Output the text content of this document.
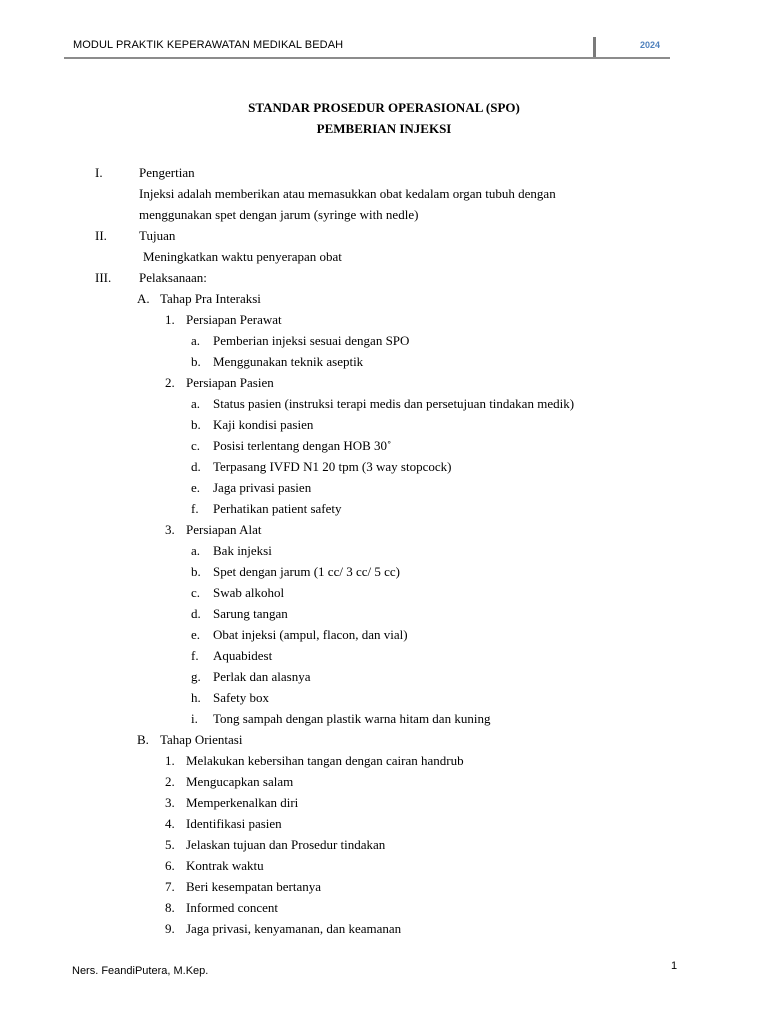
MODUL PRAKTIK KEPERAWATAN MEDIKAL BEDAH	2024
STANDAR PROSEDUR OPERASIONAL (SPO)
PEMBERIAN INJEKSI
I.	Pengertian
Injeksi adalah memberikan atau memasukkan obat kedalam organ tubuh dengan
menggunakan spet dengan jarum (syringe with nedle)
II. Tujuan
Meningkatkan waktu penyerapan obat
III. Pelaksanaan:
A. Tahap Pra Interaksi
1. Persiapan Perawat
a. Pemberian injeksi sesuai dengan SPO
b. Menggunakan teknik aseptik
2. Persiapan Pasien
a. Status pasien (instruksi terapi medis dan persetujuan tindakan medik)
b. Kaji kondisi pasien
c. Posisi terlentang dengan HOB 30˚
d. Terpasang IVFD N1 20 tpm (3 way stopcock)
e. Jaga privasi pasien
f. Perhatikan patient safety
3. Persiapan Alat
a. Bak injeksi
b. Spet dengan jarum (1 cc/ 3 cc/ 5 cc)
c. Swab alkohol
d. Sarung tangan
e. Obat injeksi (ampul, flacon, dan vial)
f. Aquabidest
g. Perlak dan alasnya
h. Safety box
i. Tong sampah dengan plastik warna hitam dan kuning
B. Tahap Orientasi
1. Melakukan kebersihan tangan dengan cairan handrub
2. Mengucapkan salam
3. Memperkenalkan diri
4. Identifikasi pasien
5. Jelaskan tujuan dan Prosedur tindakan
6. Kontrak waktu
7. Beri kesempatan bertanya
8. Informed concent
9. Jaga privasi, kenyamanan, dan keamanan
Ners. FeandiPutera, M.Kep.	1
